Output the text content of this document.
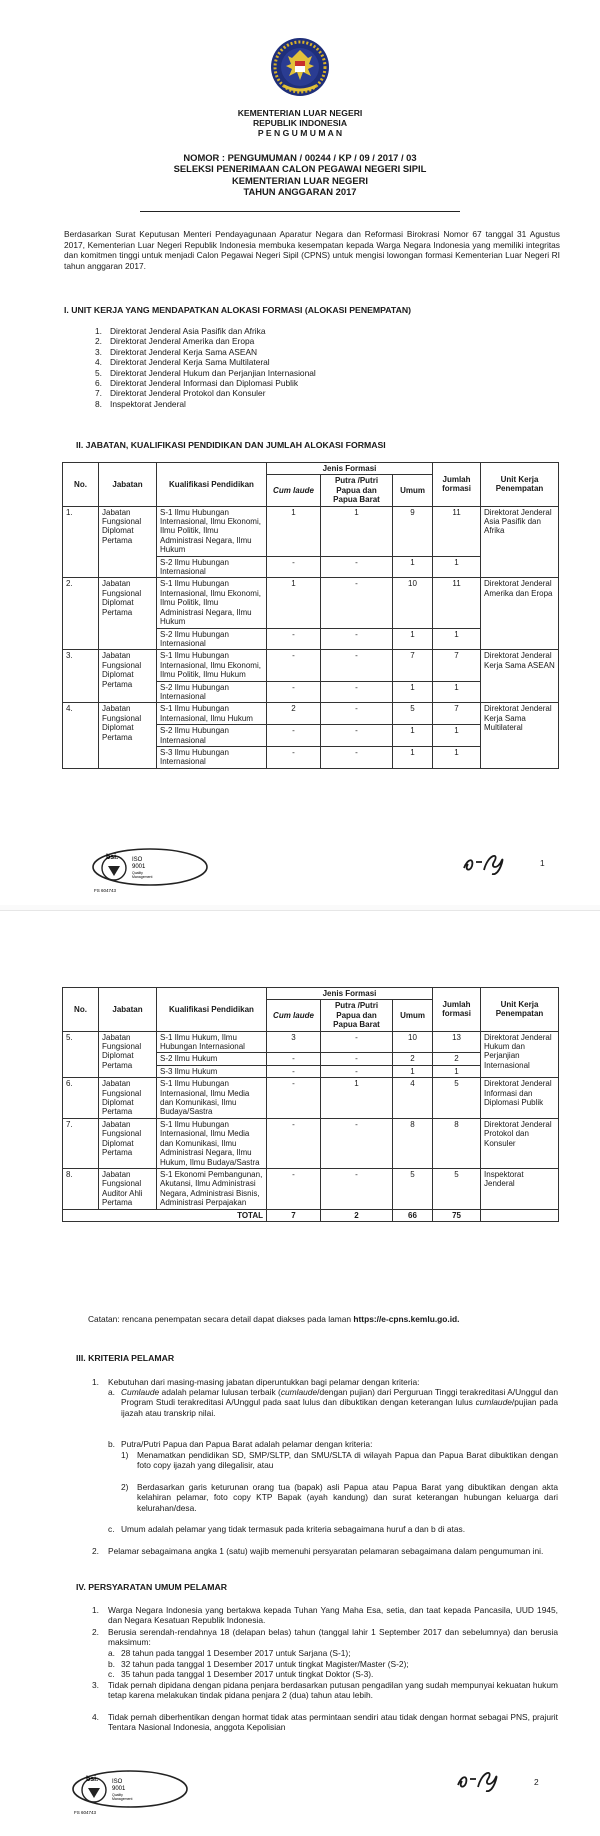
KEMENTERIAN LUAR NEGERI
REPUBLIK INDONESIA
P E N G U M U M A N
NOMOR : PENGUMUMAN / 00244 / KP / 09 / 2017 / 03
SELEKSI PENERIMAAN CALON PEGAWAI NEGERI SIPIL
KEMENTERIAN LUAR NEGERI
TAHUN ANGGARAN 2017
Berdasarkan Surat Keputusan Menteri Pendayagunaan Aparatur Negara dan Reformasi Birokrasi Nomor 67 tanggal 31 Agustus 2017, Kementerian Luar Negeri Republik Indonesia membuka kesempatan kepada Warga Negara Indonesia yang memiliki integritas dan komitmen tinggi untuk menjadi Calon Pegawai Negeri Sipil (CPNS) untuk mengisi lowongan formasi Kementerian Luar Negeri RI tahun anggaran 2017.
I. UNIT KERJA YANG MENDAPATKAN ALOKASI FORMASI (ALOKASI PENEMPATAN)
1. Direktorat Jenderal Asia Pasifik dan Afrika
2. Direktorat Jenderal Amerika dan Eropa
3. Direktorat Jenderal Kerja Sama ASEAN
4. Direktorat Jenderal Kerja Sama Multilateral
5. Direktorat Jenderal Hukum dan Perjanjian Internasional
6. Direktorat Jenderal Informasi dan Diplomasi Publik
7. Direktorat Jenderal Protokol dan Konsuler
8. Inspektorat Jenderal
II. JABATAN, KUALIFIKASI PENDIDIKAN DAN JUMLAH ALOKASI FORMASI
No.	Jabatan	Kualifikasi Pendidikan	Jenis Formasi			Jumlah formasi	Unit Kerja Penempatan
			Cum laude	Putra /Putri Papua dan Papua Barat	Umum		
1.	Jabatan Fungsional Diplomat Pertama	S-1 Ilmu Hubungan Internasional, Ilmu Ekonomi, Ilmu Politik, Ilmu Administrasi Negara, Ilmu Hukum	1	1	9	11	Direktorat Jenderal Asia Pasifik dan Afrika
		S-2 Ilmu Hubungan Internasional	-	-	1	1	
2.	Jabatan Fungsional Diplomat Pertama	S-1 Ilmu Hubungan Internasional, Ilmu Ekonomi, Ilmu Politik, Ilmu Administrasi Negara, Ilmu Hukum	1	-	10	11	Direktorat Jenderal Amerika dan Eropa
		S-2 Ilmu Hubungan Internasional	-	-	1	1	
3.	Jabatan Fungsional Diplomat Pertama	S-1 Ilmu Hubungan Internasional, Ilmu Ekonomi, Ilmu Politik, Ilmu Hukum	-	-	7	7	Direktorat Jenderal Kerja Sama ASEAN
		S-2 Ilmu Hubungan Internasional	-	-	1	1	
4.	Jabatan Fungsional Diplomat Pertama	S-1 Ilmu Hubungan Internasional, Ilmu Hukum	2	-	5	7	Direktorat Jenderal Kerja Sama Multilateral
		S-2 Ilmu Hubungan Internasional	-	-	1	1	
		S-3 Ilmu Hubungan Internasional	-	-	1	1	
bsi. ISO
9001
Quality
Management
FS 604743
1
No.	Jabatan	Kualifikasi Pendidikan	Jenis Formasi			Jumlah formasi	Unit Kerja Penempatan
			Cum laude	Putra /Putri Papua dan Papua Barat	Umum		
5.	Jabatan Fungsional Diplomat Pertama	S-1 Ilmu Hukum, Ilmu Hubungan Internasional	3	-	10	13	Direktorat Jenderal Hukum dan Perjanjian Internasional
		S-2 Ilmu Hukum	-	-	2	2	
		S-3 Ilmu Hukum	-	-	1	1	
6.	Jabatan Fungsional Diplomat Pertama	S-1 Ilmu Hubungan Internasional, Ilmu Media dan Komunikasi, Ilmu Budaya/Sastra	-	1	4	5	Direktorat Jenderal Informasi dan Diplomasi Publik
7.	Jabatan Fungsional Diplomat Pertama	S-1 Ilmu Hubungan Internasional, Ilmu Media dan Komunikasi, Ilmu Administrasi Negara, Ilmu Hukum, Ilmu Budaya/Sastra	-	-	8	8	Direktorat Jenderal Protokol dan Konsuler
8.	Jabatan Fungsional Auditor Ahli Pertama	S-1 Ekonomi Pembangunan, Akutansi, Ilmu Administrasi Negara, Administrasi Bisnis, Administrasi Perpajakan	-	-	5	5	Inspektorat Jenderal
TOTAL			7	2	66	75	
Catatan: rencana penempatan secara detail dapat diakses pada laman https://e-cpns.kemlu.go.id.
III. KRITERIA PELAMAR
1. Kebutuhan dari masing-masing jabatan diperuntukkan bagi pelamar dengan kriteria:
a. Cumlaude adalah pelamar lulusan terbaik (cumlaude/dengan pujian) dari Perguruan Tinggi terakreditasi A/Unggul dan Program Studi terakreditasi A/Unggul pada saat lulus dan dibuktikan dengan keterangan lulus cumlaude/pujian pada ijazah atau transkrip nilai.
b. Putra/Putri Papua dan Papua Barat adalah pelamar dengan kriteria:
1) Menamatkan pendidikan SD, SMP/SLTP, dan SMU/SLTA di wilayah Papua dan Papua Barat dibuktikan dengan foto copy ijazah yang dilegalisir, atau
2) Berdasarkan garis keturunan orang tua (bapak) asli Papua atau Papua Barat yang dibuktikan dengan akta kelahiran pelamar, foto copy KTP Bapak (ayah kandung) dan surat keterangan hubungan keluarga dari kelurahan/desa.
c. Umum adalah pelamar yang tidak termasuk pada kriteria sebagaimana huruf a dan b di atas.
2. Pelamar sebagaimana angka 1 (satu) wajib memenuhi persyaratan pelamaran sebagaimana dalam pengumuman ini.
IV. PERSYARATAN UMUM PELAMAR
1. Warga Negara Indonesia yang bertakwa kepada Tuhan Yang Maha Esa, setia, dan taat kepada Pancasila, UUD 1945, dan Negara Kesatuan Republik Indonesia.
2. Berusia serendah-rendahnya 18 (delapan belas) tahun (tanggal lahir 1 September 2017 dan sebelumnya) dan berusia maksimum:
a. 28 tahun pada tanggal 1 Desember 2017 untuk Sarjana (S-1);
b. 32 tahun pada tanggal 1 Desember 2017 untuk tingkat Magister/Master (S-2);
c. 35 tahun pada tanggal 1 Desember 2017 untuk tingkat Doktor (S-3).
3. Tidak pernah dipidana dengan pidana penjara berdasarkan putusan pengadilan yang sudah mempunyai kekuatan hukum tetap karena melakukan tindak pidana penjara 2 (dua) tahun atau lebih.
4. Tidak pernah diberhentikan dengan hormat tidak atas permintaan sendiri atau tidak dengan hormat sebagai PNS, prajurit Tentara Nasional Indonesia, anggota Kepolisian
bsi. ISO
9001
Quality
Management
FS 604743
2
